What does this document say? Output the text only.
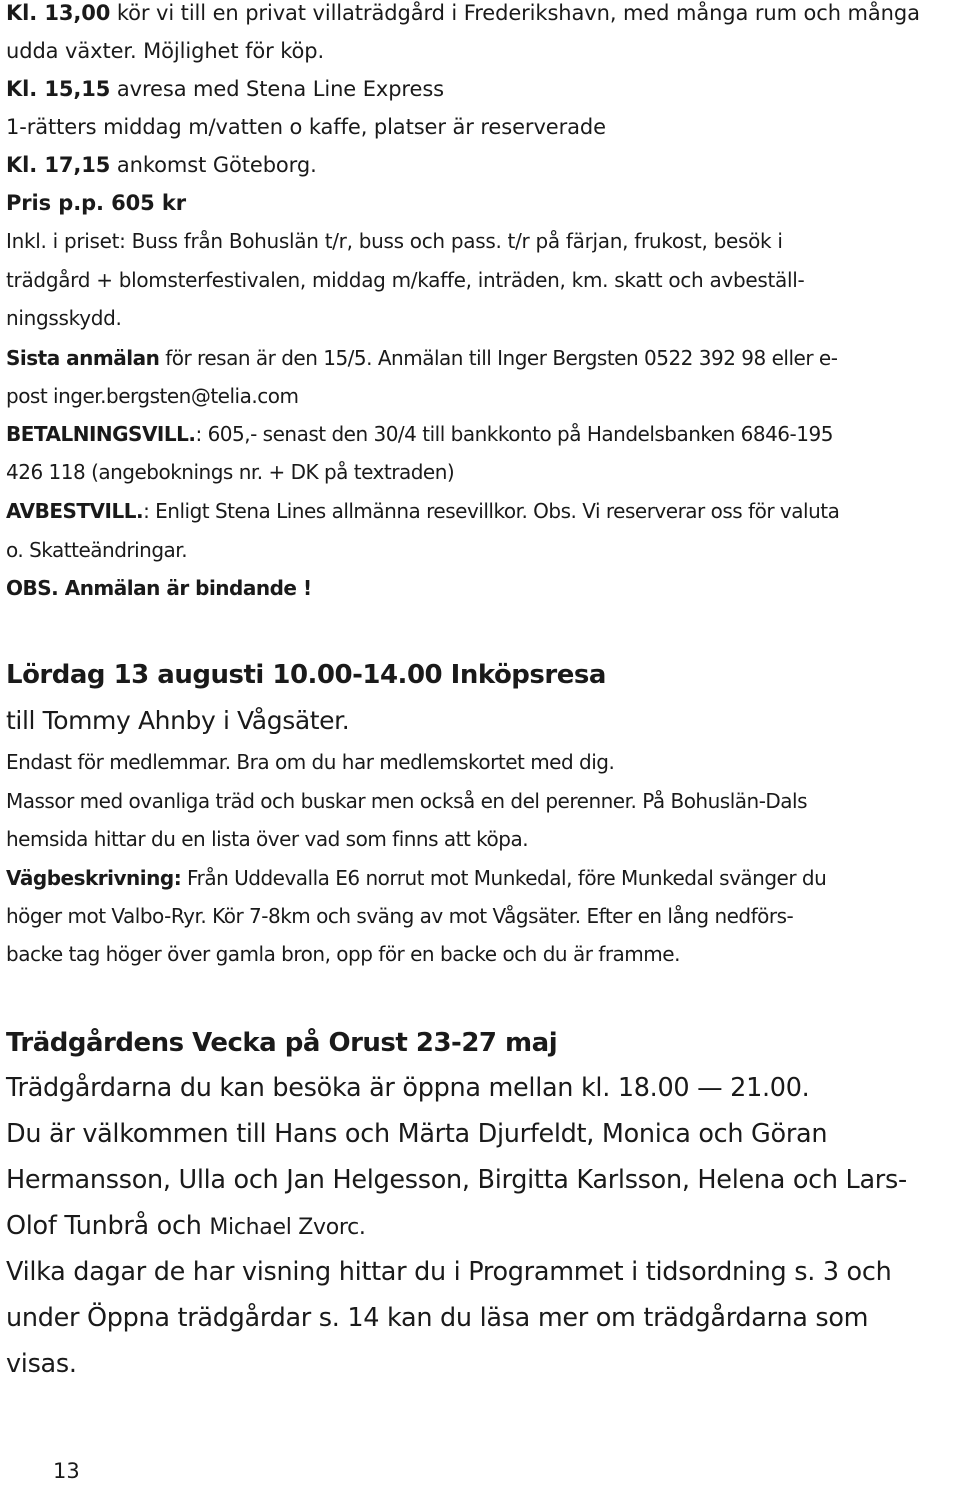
Kl. 13,00 kör vi till en privat villaträdgård i Frederikshavn, med många rum och många
udda växter. Möjlighet för köp.
Kl. 15,15 avresa med Stena Line Express
1-rätters middag m/vatten o kaffe, platser är reserverade
Kl. 17,15 ankomst Göteborg.
Pris p.p. 605 kr
Inkl. i priset: Buss från Bohuslän t/r, buss och pass. t/r på färjan, frukost, besök i
trädgård + blomsterfestivalen, middag m/kaffe, inträden, km. skatt och avbeställ-
ningsskydd.
Sista anmälan för resan är den 15/5. Anmälan till Inger Bergsten 0522 392 98 eller e-
post inger.bergsten@telia.com
BETALNINGSVILL.: 605,- senast den 30/4 till bankkonto på Handelsbanken 6846-195
426 118 (angeboknings nr. + DK på textraden)
AVBESTVILL.: Enligt Stena Lines allmänna resevillkor. Obs. Vi reserverar oss för valuta
o. Skatteändringar.
OBS. Anmälan är bindande !
Lördag 13 augusti 10.00-14.00 Inköpsresa
till Tommy Ahnby i Vågsäter.
Endast för medlemmar. Bra om du har medlemskortet med dig.
Massor med ovanliga träd och buskar men också en del perenner. På Bohuslän-Dals
hemsida hittar du en lista över vad som finns att köpa.
Vägbeskrivning: Från Uddevalla E6 norrut mot Munkedal, före Munkedal svänger du
höger mot Valbo-Ryr. Kör 7-8km och sväng av mot Vågsäter. Efter en lång nedförs-
backe tag höger över gamla bron, opp för en backe och du är framme.
Trädgårdens Vecka på Orust 23-27 maj
Trädgårdarna du kan besöka är öppna mellan kl. 18.00 — 21.00.
Du är välkommen till Hans och Märta Djurfeldt, Monica och Göran
Hermansson, Ulla och Jan Helgesson, Birgitta Karlsson, Helena och Lars-
Olof Tunbrå och Michael Zvorc.
Vilka dagar de har visning hittar du i Programmet i tidsordning s. 3 och
under Öppna trädgårdar s. 14 kan du läsa mer om trädgårdarna som
visas.
13
